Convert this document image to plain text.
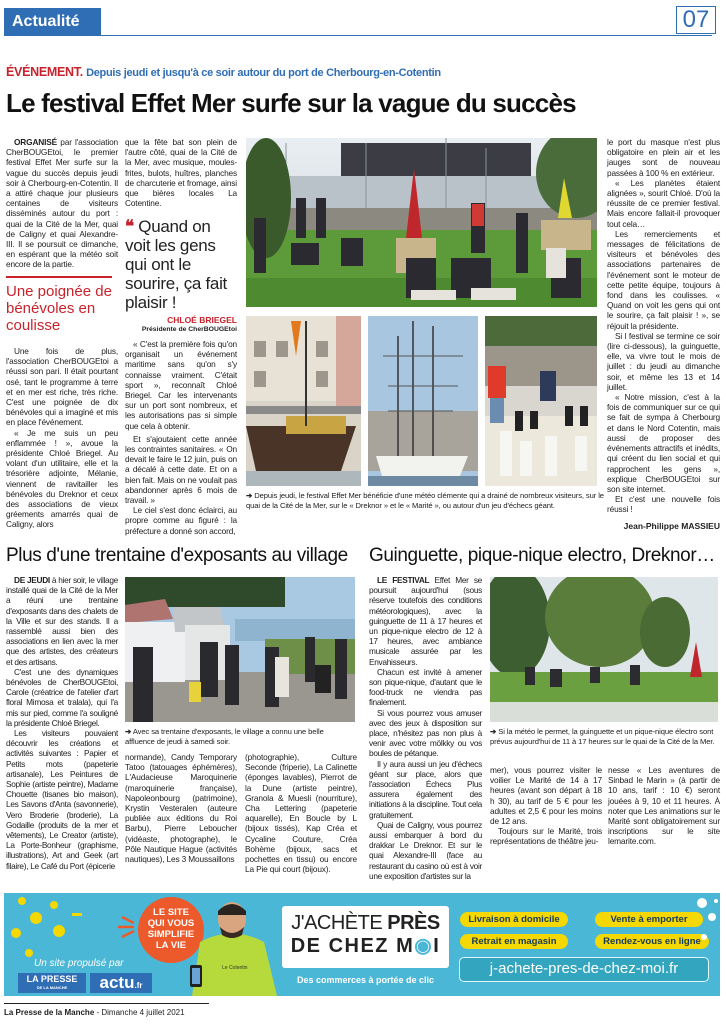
Actualité	07
ÉVÉNEMENT. Depuis jeudi et jusqu'à ce soir autour du port de Cherbourg-en-Cotentin
Le festival Effet Mer surfe sur la vague du succès

ORGANISÉ par l'association CherBOUGEtoi, le premier festival Effet Mer surfe sur la vague du succès depuis jeudi soir à Cherbourg-en-Cotentin. Il a attiré chaque jour plusieurs centaines de visiteurs disséminés autour du port : quai de la Cité de la Mer, quai de Caligny et quai Alexandre-III. Il se poursuit ce dimanche, en espérant que la météo soit encore de la partie.

Une poignée de bénévoles en coulisse

Une fois de plus, l'association CherBOUGEtoi a réussi son pari. Il était pourtant osé, tant le programme à terre et en mer est riche, très riche. C'est une poignée de dix bénévoles qui a imaginé et mis en place l'événement.

« Je me suis un peu enflammée ! », avoue la présidente Chloé Briegel. Au volant d'un utilitaire, elle et la trésorière adjointe, Mélanie, viennent de ravitailler les bénévoles du Dreknor et ceux des associations de vieux gréements amarrés quai de Caligny, alors

que la fête bat son plein de l'autre côté, quai de la Cité de la Mer, avec musique, moules-frites, bulots, huîtres, planches de charcuterie et fromage, ainsi que bières locales La Cotentine.

❝ Quand on voit les gens qui ont le sourire, ça fait plaisir !
CHLOÉ BRIEGEL
Présidente de CherBOUGEtoi

« C'est la première fois qu'on organisait un événement maritime sans qu'on s'y connaisse vraiment. C'était sport », reconnaît Chloé Briegel. Car les intervenants sur un port sont nombreux, et les autorisations pas si simple que cela à obtenir.

Et s'ajoutaient cette année les contraintes sanitaires. « On devait le faire le 12 juin, puis on a décalé à cette date. Et on a bien fait. Mais on ne voulait pas abandonner après 6 mois de travail. »

Le ciel s'est donc éclairci, au propre comme au figuré : la préfecture a donné son accord,

➔ Depuis jeudi, le festival Effet Mer bénéficie d'une météo clémente qui a drainé de nombreux visiteurs, sur le quai de la Cité de la Mer, sur le « Dreknor » et le « Marité », ou autour d'un jeu d'échecs géant.

le port du masque n'est plus obligatoire en plein air et les jauges sont de nouveau passées à 100 % en extérieur.

« Les planètes étaient alignées », sourit Chloé. D'où la réussite de ce premier festival. Mais encore fallait-il provoquer tout cela…

Les remerciements et messages de félicitations de visiteurs et bénévoles des associations partenaires de l'événement sont le moteur de cette petite équipe, toujours à fond dans les coulisses. « Quand on voit les gens qui ont le sourire, ça fait plaisir ! », se réjouit la présidente.

Si l festival se termine ce soir (lire ci-dessous), la guinguette, elle, va vivre tout le mois de juillet : du jeudi au dimanche soir, et même les 13 et 14 juillet.

« Notre mission, c'est à la fois de communiquer sur ce qui se fait de sympa à Cherbourg et dans le Nord Cotentin, mais aussi de proposer des événements attractifs et inédits, qui créent du lien social et qui rapprochent les gens », explique CherBOUGEtoi sur son site internet.

Et c'est une nouvelle fois réussi !

Jean-Philippe MASSIEU
Plus d'une trentaine d'exposants au village

DE JEUDI à hier soir, le village installé quai de la Cité de la Mer a réuni une trentaine d'exposants dans des chalets de la Ville et sur des stands. Il a rassemblé aussi bien des associations en lien avec la mer que des artistes, des créateurs et des artisans.

C'est une des dynamiques bénévoles de CherBOUGEtoi, Carole (créatrice de l'atelier d'art floral Mimosa et tralala), qui l'a mis sur pied, comme l'a souligné la présidente Chloé Briegel.

Les visiteurs pouvaient découvrir les créations et activités suivantes : Papier et Petits mots (papeterie artisanale), Les Peintures de Sophie (artiste peintre), Madame Chouette (tisanes bio maison), Les Savons d'Anta (savonnerie), Vero Broderie (broderie), La Godaille (produits de la mer et vêtements), Le Creator (artiste), La Porte-Bonheur (graphisme, illustrations), Art and Geek (art filaire), Le Café du Port (épicerie

➔ Avec sa trentaine d'exposants, le village a connu une belle affluence de jeudi à samedi soir.

normande), Candy Temporary Tatoo (tatouages éphémères), L'Audacieuse Maroquinerie (maroquinerie française), Napoleonbourg (patrimoine), Krystin Vesteralen (auteure publiée aux éditions du Roi Barbu), Pierre Leboucher (vidéaste, photographe), le Pôle Nautique Hague (activités nautiques), Les 3 Moussaillons

(photographie), Culture Seconde (friperie), La Calinette (éponges lavables), Pierrot de la Dune (artiste peintre), Granola & Muesli (nourriture), Cha Lettering (papeterie aquarelle), En Boucle by L (bijoux tissés), Kap Créa et Cycaline Couture, Créa Bohème (bijoux, sacs et pochettes en tissu) ou encore La Pie qui court (bijoux).

Guinguette, pique-nique electro, Dreknor…

LE FESTIVAL Effet Mer se poursuit aujourd'hui (sous réserve toutefois des conditions météorologiques), avec la guinguette de 11 à 17 heures et un pique-nique electro de 12 à 17 heures, avec ambiance musicale assurée par les Envahisseurs.

Chacun est invité à amener son pique-nique, d'autant que le food-truck ne viendra pas finalement.

Si vous pourrez vous amuser avec des jeux à disposition sur place, n'hésitez pas non plus à venir avec votre mölkky ou vos boules de pétanque.

Il y aura aussi un jeu d'échecs géant sur place, alors que l'association Échecs Plus assurera également des initiations à la discipline. Tout cela gratuitement.

Quai de Caligny, vous pourrez aussi embarquer à bord du drakkar Le Dreknor. Et sur le quai Alexandre-III (face au restaurant du casino où est à voir une exposition d'artistes sur la

➔ Si la météo le permet, la guinguette et un pique-nique électro sont prévus aujourd'hui de 11 à 17 heures sur le quai de la Cité de la Mer.

mer), vous pourrez visiter le voilier Le Marité de 14 à 17 heures (avant son départ à 18 h 30), au tarif de 5 € pour les adultes et 2,5 € pour les moins de 12 ans.

Toujours sur le Marité, trois représentations de théâtre jeu-

nesse « Les aventures de Sinbad le Marin » (à partir de 10 ans, tarif : 10 €) seront jouées à 9, 10 et 11 heures. À noter que Les animations sur le Marité sont obligatoirement sur inscriptions sur le site lemarite.com.

LE SITE
QUI VOUS
SIMPLIFIE
LA VIE
Un site propulsé par
LA PRESSE
DE LA MANCHE	actu.fr
Le Cotentin
J'ACHÈTE PRÈS
DE CHEZ M◉I
Des commerces à portée de clic
Livraison à domicile	Vente à emporter
Retrait en magasin	Rendez-vous en ligne
j-achete-pres-de-chez-moi.fr
La Presse de la Manche - Dimanche 4 juillet 2021
